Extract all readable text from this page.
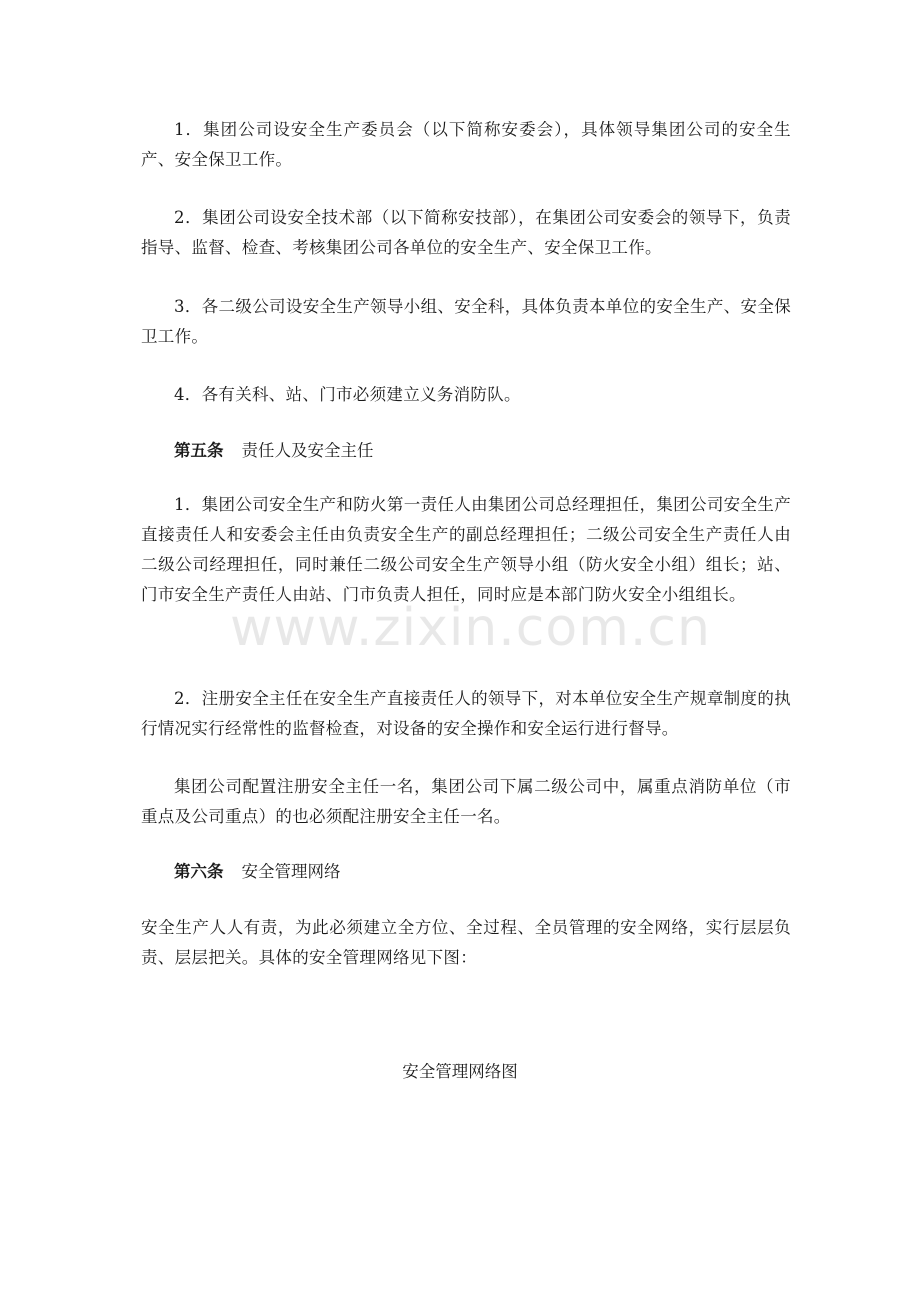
1．集团公司设安全生产委员会（以下简称安委会），具体领导集团公司的安全生产、安全保卫工作。

2．集团公司设安全技术部（以下简称安技部），在集团公司安委会的领导下，负责指导、监督、检查、考核集团公司各单位的安全生产、安全保卫工作。

3．各二级公司设安全生产领导小组、安全科，具体负责本单位的安全生产、安全保卫工作。

4．各有关科、站、门市必须建立义务消防队。

第五条 责任人及安全主任

1．集团公司安全生产和防火第一责任人由集团公司总经理担任，集团公司安全生产直接责任人和安委会主任由负责安全生产的副总经理担任；二级公司安全生产责任人由二级公司经理担任，同时兼任二级公司安全生产领导小组（防火安全小组）组长；站、门市安全生产责任人由站、门市负责人担任，同时应是本部门防火安全小组组长。

2．注册安全主任在安全生产直接责任人的领导下，对本单位安全生产规章制度的执行情况实行经常性的监督检查，对设备的安全操作和安全运行进行督导。

集团公司配置注册安全主任一名，集团公司下属二级公司中，属重点消防单位（市重点及公司重点）的也必须配注册安全主任一名。

第六条 安全管理网络

安全生产人人有责，为此必须建立全方位、全过程、全员管理的安全网络，实行层层负责、层层把关。具体的安全管理网络见下图：

安全管理网络图

www.zixin.com.cn
